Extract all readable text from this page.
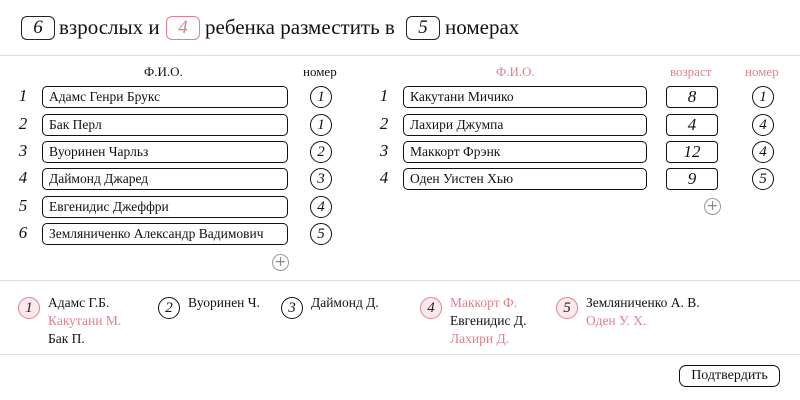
6 взрослых и 4 ребенка разместить в	5 номерах
Ф.И.О.	номер
1	Адамс Генри Брукс	1
2	Бак Перл	1
3	Вуоринен Чарльз	2
4	Даймонд Джаред	3
5	Евгенидис Джеффри	4
6	Земляниченко Александр Вадимович	5
+
Ф.И.О.	возраст	номер
1	Какутани Мичико	8	1
2	Лахири Джумпа	4	4
3	Маккорт Фрэнк	12	4
4	Оден Уистен Хью	9	5
+
1	Адамс Г.Б.
Какутани М.
Бак П.
2	Вуоринен Ч.	3	Даймонд Д.	4	Маккорт Ф.
Евгенидис Д.
Лахири Д.
5	Земляниченко А. В.
Оден У. Х.
Подтвердить
